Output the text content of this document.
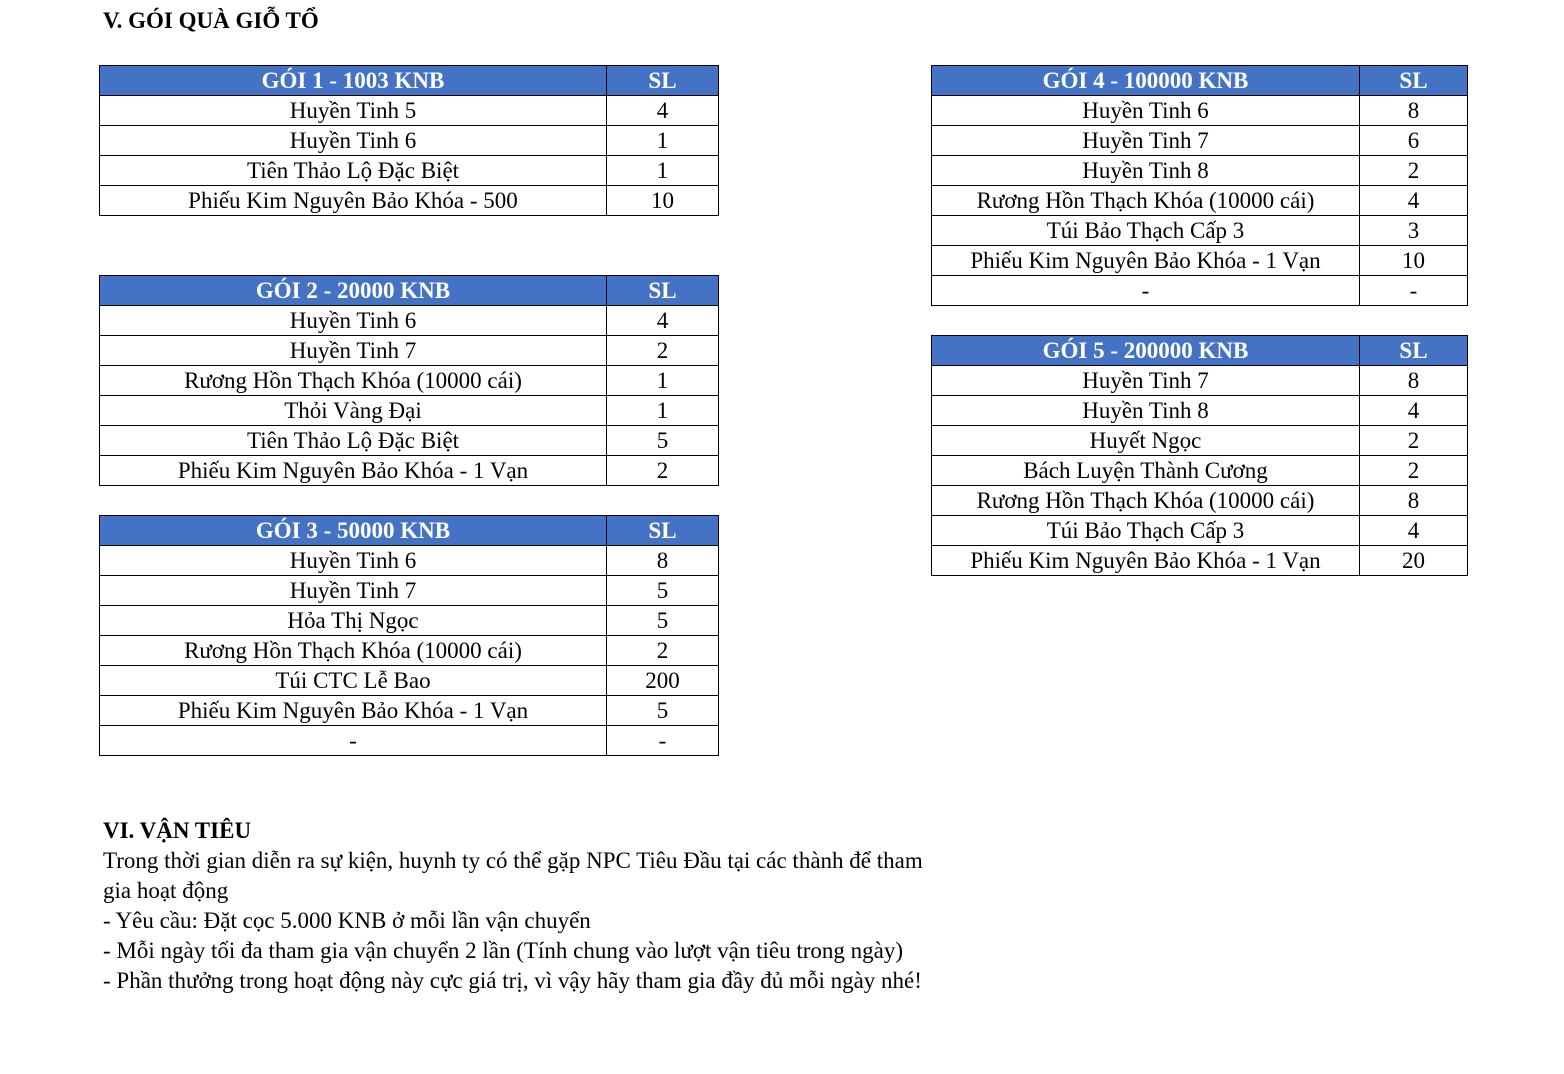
V. GÓI QUÀ GIỖ TỔ
GÓI 1 - 1003 KNB	SL
Huyền Tinh 5	4
Huyền Tinh 6	1
Tiên Thảo Lộ Đặc Biệt	1
Phiếu Kim Nguyên Bảo Khóa - 500	10
GÓI 2 - 20000 KNB	SL
Huyền Tinh 6	4
Huyền Tinh 7	2
Rương Hồn Thạch Khóa (10000 cái)	1
Thỏi Vàng Đại	1
Tiên Thảo Lộ Đặc Biệt	5
Phiếu Kim Nguyên Bảo Khóa - 1 Vạn	2
GÓI 3 - 50000 KNB	SL
Huyền Tinh 6	8
Huyền Tinh 7	5
Hỏa Thị Ngọc	5
Rương Hồn Thạch Khóa (10000 cái)	2
Túi CTC Lễ Bao	200
Phiếu Kim Nguyên Bảo Khóa - 1 Vạn	5
-	-
GÓI 4 - 100000 KNB	SL
Huyền Tinh 6	8
Huyền Tinh 7	6
Huyền Tinh 8	2
Rương Hồn Thạch Khóa (10000 cái)	4
Túi Bảo Thạch Cấp 3	3
Phiếu Kim Nguyên Bảo Khóa - 1 Vạn	10
-	-
GÓI 5 - 200000 KNB	SL
Huyền Tinh 7	8
Huyền Tinh 8	4
Huyết Ngọc	2
Bách Luyện Thành Cương	2
Rương Hồn Thạch Khóa (10000 cái)	8
Túi Bảo Thạch Cấp 3	4
Phiếu Kim Nguyên Bảo Khóa - 1 Vạn	20
VI. VẬN TIÊU

Trong thời gian diễn ra sự kiện, huynh ty có thể gặp NPC Tiêu Đầu tại các thành để tham gia hoạt động

- Yêu cầu: Đặt cọc 5.000 KNB ở mỗi lần vận chuyển

- Mỗi ngày tối đa tham gia vận chuyển 2 lần (Tính chung vào lượt vận tiêu trong ngày)

- Phần thưởng trong hoạt động này cực giá trị, vì vậy hãy tham gia đầy đủ mỗi ngày nhé!
